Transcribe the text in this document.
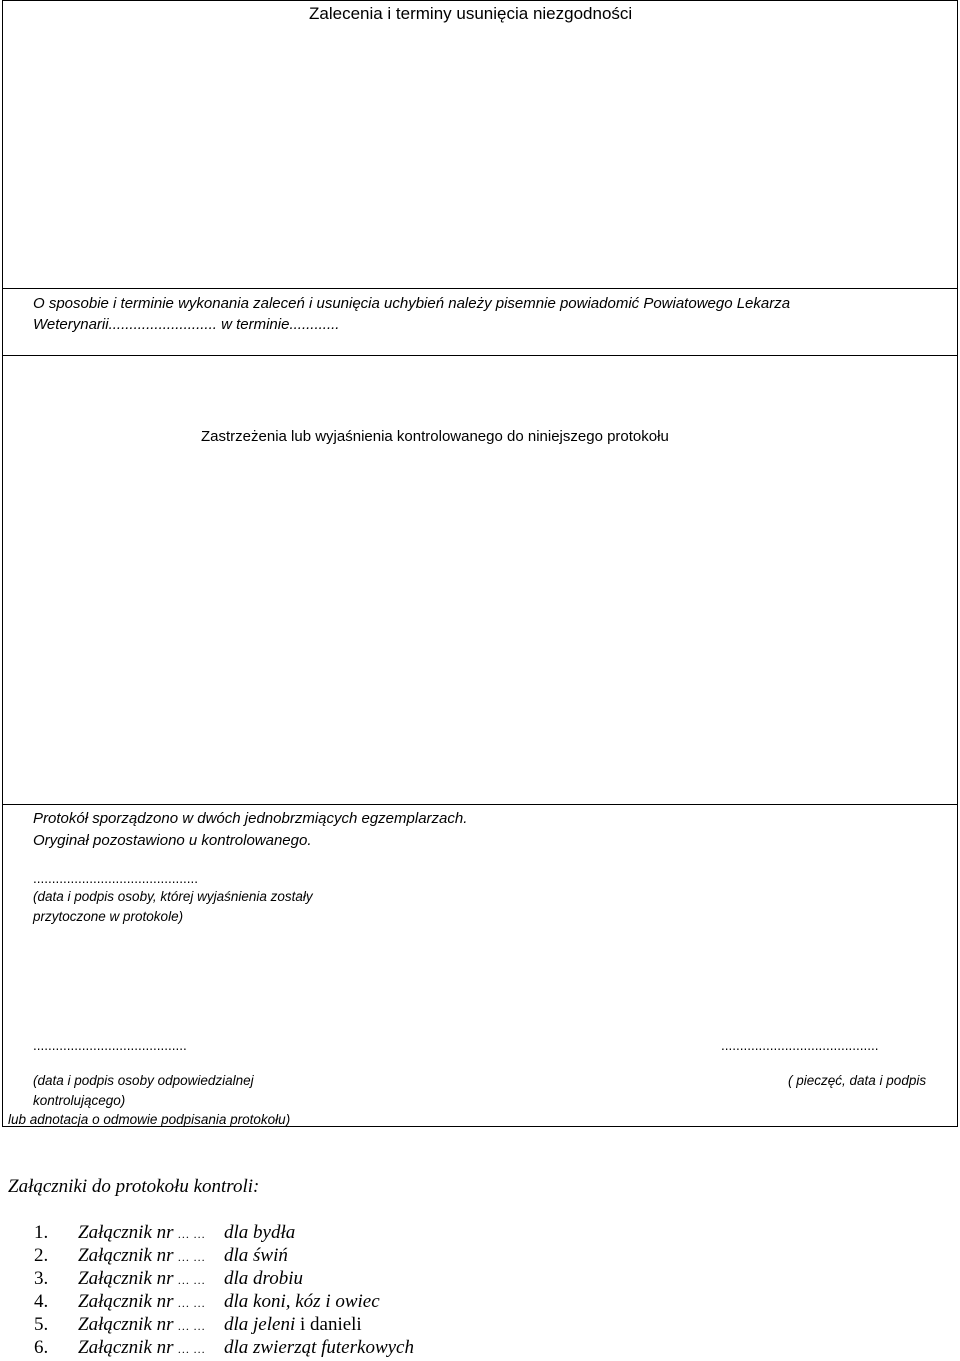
Zalecenia i terminy usunięcia niezgodności
O sposobie i terminie wykonania zaleceń i usunięcia uchybień należy pisemnie powiadomić Powiatowego Lekarza
Weterynarii.......................... w terminie............
Zastrzeżenia lub wyjaśnienia kontrolowanego do niniejszego protokołu
Protokół sporządzono w dwóch jednobrzmiących egzemplarzach.
Oryginał pozostawiono u kontrolowanego.
............................................
(data i podpis osoby, której wyjaśnienia zostały
przytoczone w protokole)
.........................................
(data i podpis osoby odpowiedzialnej
kontrolującego)
lub adnotacja o odmowie podpisania protokołu)
..........................................
( pieczęć, data i podpis
Załączniki do protokołu kontroli:
1. Załącznik nr … … dla bydła
2. Załącznik nr … … dla świń
3. Załącznik nr … … dla drobiu
4. Załącznik nr … … dla koni, kóz i owiec
5. Załącznik nr … … dla jeleni i danieli
6. Załącznik nr … … dla zwierząt futerkowych
